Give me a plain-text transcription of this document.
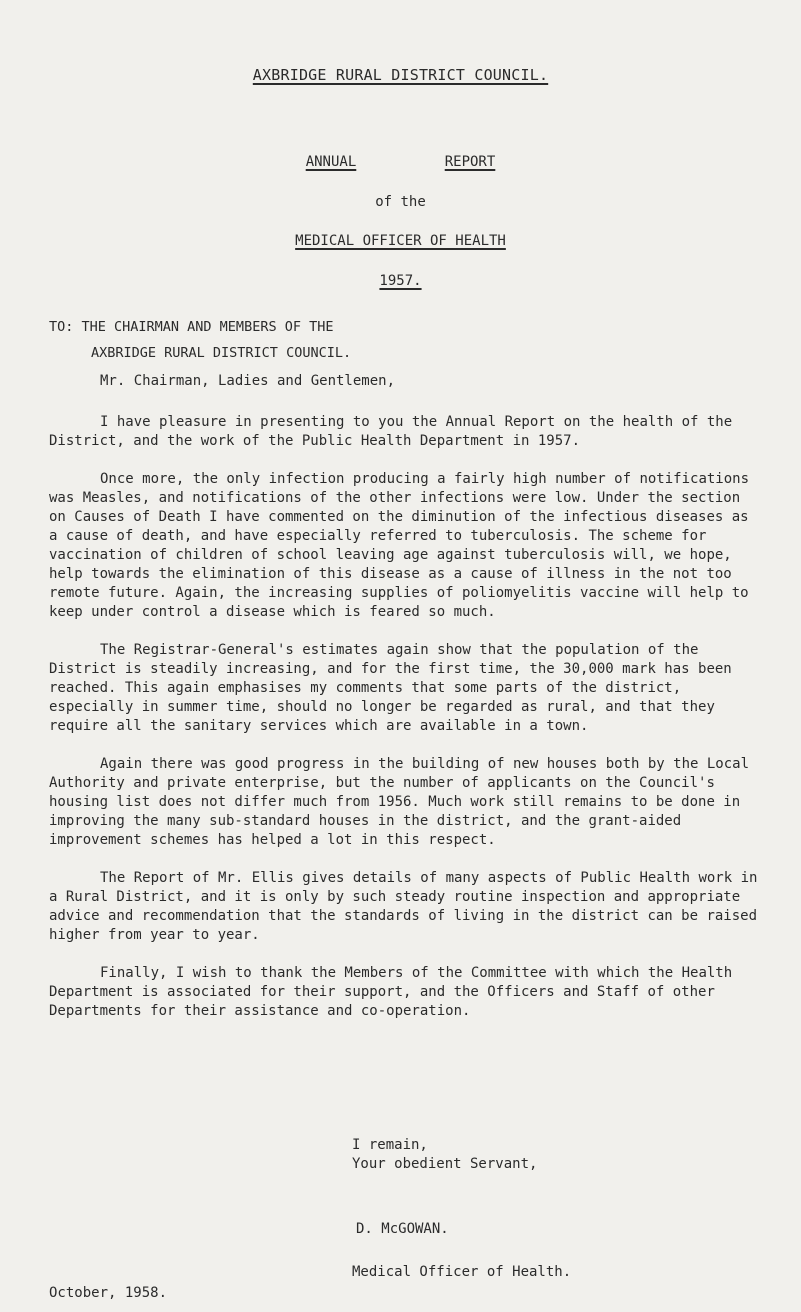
AXBRIDGE RURAL DISTRICT COUNCIL.
ANNUAL	REPORT
of the
MEDICAL OFFICER OF HEALTH
1957.
TO: THE CHAIRMAN AND MEMBERS OF THE
AXBRIDGE RURAL DISTRICT COUNCIL.
Mr. Chairman, Ladies and Gentlemen,

I have pleasure in presenting to you the Annual Report on the health of the District, and the work of the Public Health Department in 1957.

Once more, the only infection producing a fairly high number of notifications was Measles, and notifications of the other infections were low. Under the section on Causes of Death I have commented on the diminution of the infectious diseases as a cause of death, and have especially referred to tuberculosis. The scheme for vaccination of children of school leaving age against tuberculosis will, we hope, help towards the elimination of this disease as a cause of illness in the not too remote future. Again, the increasing supplies of poliomyelitis vaccine will help to keep under control a disease which is feared so much.

The Registrar-General's estimates again show that the population of the District is steadily increasing, and for the first time, the 30,000 mark has been reached. This again emphasises my comments that some parts of the district, especially in summer time, should no longer be regarded as rural, and that they require all the sanitary services which are available in a town.

Again there was good progress in the building of new houses both by the Local Authority and private enterprise, but the number of applicants on the Council's housing list does not differ much from 1956. Much work still remains to be done in improving the many sub-standard houses in the district, and the grant-aided improvement schemes has helped a lot in this respect.

The Report of Mr. Ellis gives details of many aspects of Public Health work in a Rural District, and it is only by such steady routine inspection and appropriate advice and recommendation that the standards of living in the district can be raised higher from year to year.

Finally, I wish to thank the Members of the Committee with which the Health Department is associated for their support, and the Officers and Staff of other Departments for their assistance and co-operation.

I remain,
Your obedient Servant,
D. McGOWAN.
Medical Officer of Health.
October, 1958.
